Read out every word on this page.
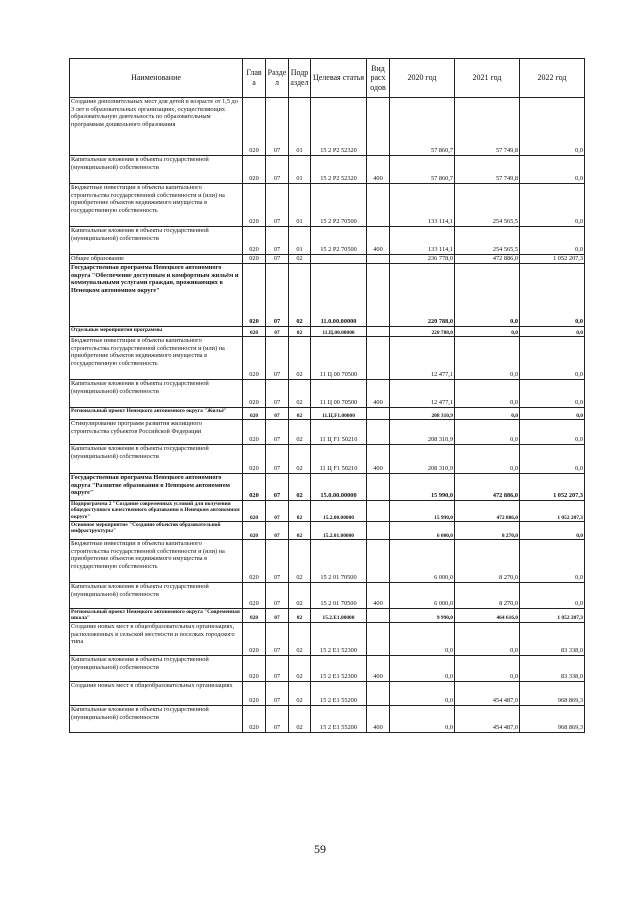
Наименование	Глав а	Разде л	Подр аздел	Целевая статья	Вид расх одов	2020 год	2021 год	2022 год
Создание дополнительных мест для детей в возрасте от 1,5 до 3 лет в образовательных организациях, осуществляющих образовательную деятельность по образовательным программам дошкольного образования	020	07	01	15 2 Р2 52320		57 860,7	57 749,8	0,0
Капитальные вложения в объекты государственной (муниципальной) собственности	020	07	01	15 2 Р2 52320	400	57 860,7	57 749,8	0,0
Бюджетные инвестиции в объекты капитального строительства государственной собственности и (или) на приобретение объектов недвижимого имущества в государственную собственность	020	07	01	15 2 Р2 70500		133 114,1	254 565,5	0,0
Капитальные вложения в объекты государственной (муниципальной) собственности	020	07	01	15 2 Р2 70500	400	133 114,1	254 565,5	0,0
Общее образование	020	07	02			236 778,0	472 886,0	1 052 207,3
Государственная программа Ненецкого автономного округа "Обеспечение доступным и комфортным жильём и коммунальными услугами граждан, проживающих в Ненецком автономном округе"	020	07	02	11.0.00.00000		220 788,0	0,0	0,0
Отдельные мероприятия программы	020	07	02	11.Ц.00.00000		220 788,0	0,0	0,0
Бюджетные инвестиции в объекты капитального строительства государственной собственности и (или) на приобретение объектов недвижимого имущества в государственную собственность	020	07	02	11 Ц 00 70500		12 477,1	0,0	0,0
Капитальные вложения в объекты государственной (муниципальной) собственности	020	07	02	11 Ц 00 70500	400	12 477,1	0,0	0,0
Региональный проект Ненецкого автономного округа "Жильё"	020	07	02	11.Ц.F1.00000		208 310,9	0,0	0,0
Стимулирование программ развития жилищного строительства субъектов Российской Федерации	020	07	02	11 Ц F1 50210		208 310,9	0,0	0,0
Капитальные вложения в объекты государственной (муниципальной) собственности	020	07	02	11 Ц F1 50210	400	208 310,9	0,0	0,0
Государственная программа Ненецкого автономного округа "Развитие образования в Ненецком автономном округе"	020	07	02	15.0.00.00000		15 990,0	472 886,0	1 052 207,3
Подпрограмма 2 "Создание современных условий для получения общедоступного качественного образования в Ненецком автономном округе"	020	07	02	15.2.00.00000		15 990,0	472 886,0	1 052 207,3
Основное мероприятие "Создание объектов образовательной инфраструктуры"	020	07	02	15.2.01.00000		6 000,0	8 270,0	0,0
Бюджетные инвестиции в объекты капитального строительства государственной собственности и (или) на приобретение объектов недвижимого имущества в государственную собственность	020	07	02	15 2 01 70500		6 000,0	8 270,0	0,0
Капитальные вложения в объекты государственной (муниципальной) собственности	020	07	02	15 2 01 70500	400	6 000,0	8 270,0	0,0
Региональный проект Ненецкого автономного округа "Современная школа"	020	07	02	15.2.Е1.00000		9 990,0	464 616,0	1 052 207,3
Создание новых мест в общеобразовательных организациях, расположенных в сельской местности и поселках городского типа	020	07	02	15 2 Е1 52300		0,0	0,0	83 338,0
Капитальные вложения в объекты государственной (муниципальной) собственности	020	07	02	15 2 Е1 52300	400	0,0	0,0	83 338,0
Создание новых мест в общеобразовательных организациях	020	07	02	15 2 Е1 55200		0,0	454 487,0	968 869,3
Капитальные вложения в объекты государственной (муниципальной) собственности	020	07	02	15 2 Е1 55200	400	0,0	454 487,0	968 869,3
59
